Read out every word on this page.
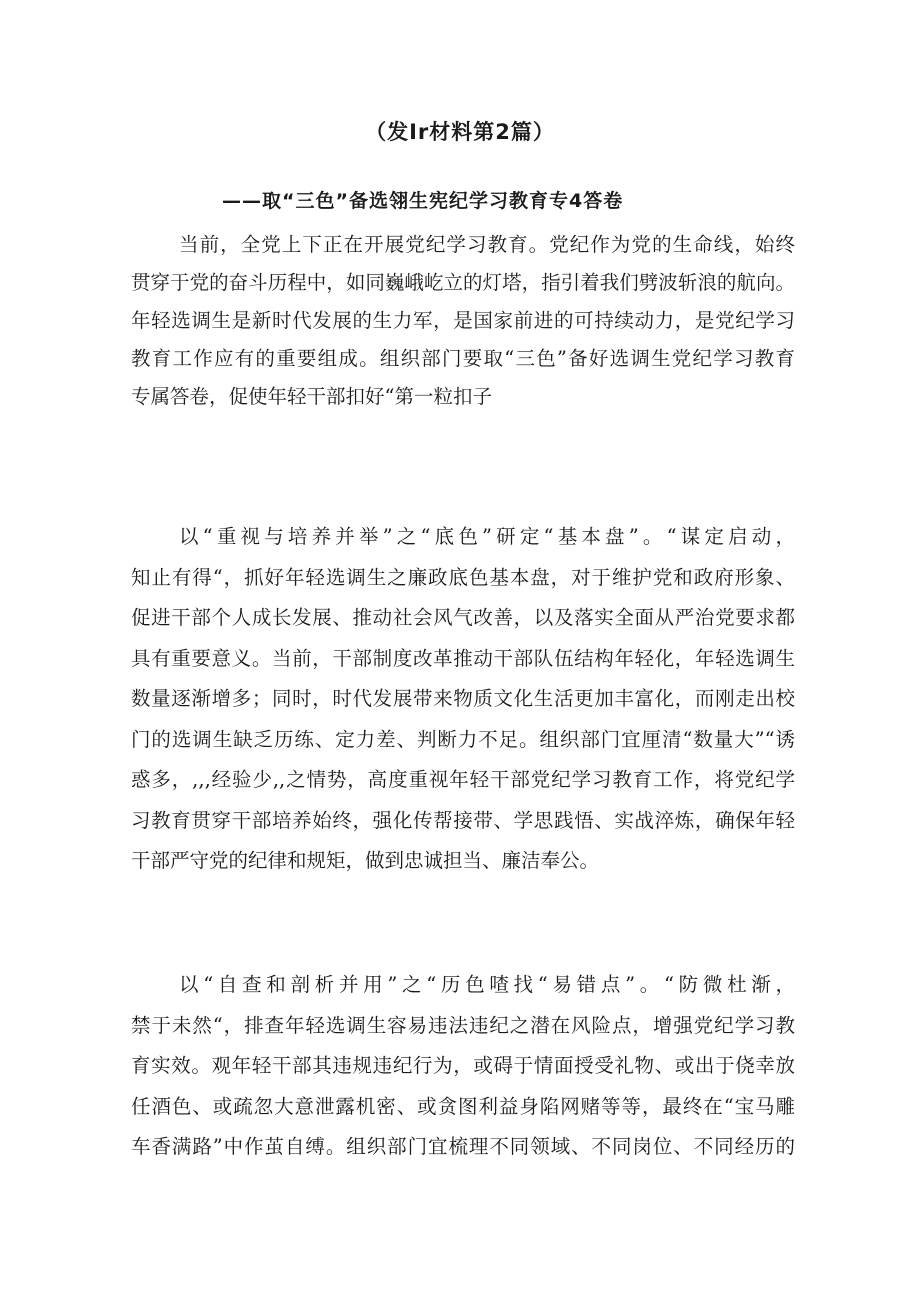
（发Ir材料第2篇）
——取“三色”备选翎生宪纪学习教育专4答卷
当前，全党上下正在开展党纪学习教育。党纪作为党的生命线，始终
贯穿于党的奋斗历程中，如同巍峨屹立的灯塔，指引着我们劈波斩浪的航向。
年轻选调生是新时代发展的生力军，是国家前进的可持续动力，是党纪学习
教育工作应有的重要组成。组织部门要取“三色”备好选调生党纪学习教育
专属答卷，促使年轻干部扣好“第一粒扣子
以“重视与培养并举”之“底色”研定“基本盘”。“谋定启动，
知止有得“，抓好年轻选调生之廉政底色基本盘，对于维护党和政府形象、
促进干部个人成长发展、推动社会风气改善，以及落实全面从严治党要求都
具有重要意义。当前，干部制度改革推动干部队伍结构年轻化，年轻选调生
数量逐渐增多；同时，时代发展带来物质文化生活更加丰富化，而刚走出校
门的选调生缺乏历练、定力差、判断力不足。组织部门宜厘清“数量大”“诱
惑多，,,,经验少,,之情势，高度重视年轻干部党纪学习教育工作，将党纪学
习教育贯穿干部培养始终，强化传帮接带、学思践悟、实战淬炼，确保年轻
干部严守党的纪律和规矩，做到忠诚担当、廉洁奉公。
以“自查和剖析并用”之“历色喳找“易错点”。“防微杜渐，
禁于未然“，排查年轻选调生容易违法违纪之潜在风险点，增强党纪学习教
育实效。观年轻干部其违规违纪行为，或碍于情面授受礼物、或出于侥幸放
任酒色、或疏忽大意泄露机密、或贪图利益身陷网赌等等，最终在“宝马雕
车香满路”中作茧自缚。组织部门宜梳理不同领域、不同岗位、不同经历的
